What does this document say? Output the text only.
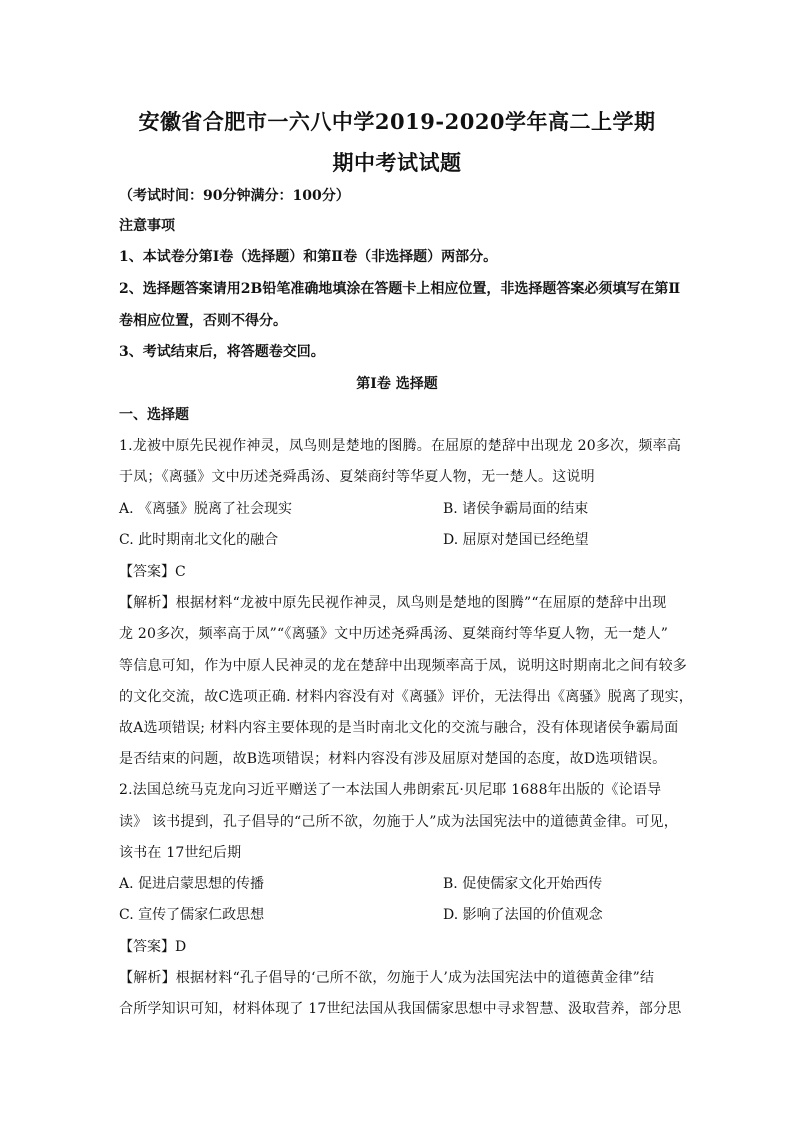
安徽省合肥市一六八中学2019-2020学年高二上学期
期中考试试题
（考试时间：90分钟满分：100分）
注意事项
1、本试卷分第Ⅰ卷（选择题）和第Ⅱ卷（非选择题）两部分。
2、选择题答案请用2B铅笔准确地填涂在答题卡上相应位置，非选择题答案必须填写在第Ⅱ
卷相应位置，否则不得分。
3、考试结束后，将答题卷交回。
第Ⅰ卷 选择题
一、选择题
1.龙被中原先民视作神灵，凤鸟则是楚地的图腾。在屈原的楚辞中出现龙 20多次，频率高
于凤；《离骚》文中历述尧舜禹汤、夏桀商纣等华夏人物，无一楚人。这说明
A. 《离骚》脱离了社会现实	B. 诸侯争霸局面的结束
C. 此时期南北文化的融合	D. 屈原对楚国已经绝望
【答案】C
【解析】根据材料“龙被中原先民视作神灵，凤鸟则是楚地的图腾”“在屈原的楚辞中出现
龙 20多次，频率高于凤”“《离骚》文中历述尧舜禹汤、夏桀商纣等华夏人物，无一楚人”
等信息可知，作为中原人民神灵的龙在楚辞中出现频率高于凤，说明这时期南北之间有较多
的文化交流，故C选项正确. 材料内容没有对《离骚》评价，无法得出《离骚》脱离了现实，
故A选项错误; 材料内容主要体现的是当时南北文化的交流与融合，没有体现诸侯争霸局面
是否结束的问题，故B选项错误；材料内容没有涉及屈原对楚国的态度，故D选项错误。
2.法国总统马克龙向习近平赠送了一本法国人弗朗索瓦·贝尼耶 1688年出版的《论语导
读》 该书提到，孔子倡导的“己所不欲，勿施于人”成为法国宪法中的道德黄金律。可见，
该书在 17世纪后期
A. 促进启蒙思想的传播	B. 促使儒家文化开始西传
C. 宣传了儒家仁政思想	D. 影响了法国的价值观念
【答案】D
【解析】根据材料“孔子倡导的‘己所不欲，勿施于人’成为法国宪法中的道德黄金律”结
合所学知识可知，材料体现了 17世纪法国从我国儒家思想中寻求智慧、汲取营养，部分思
